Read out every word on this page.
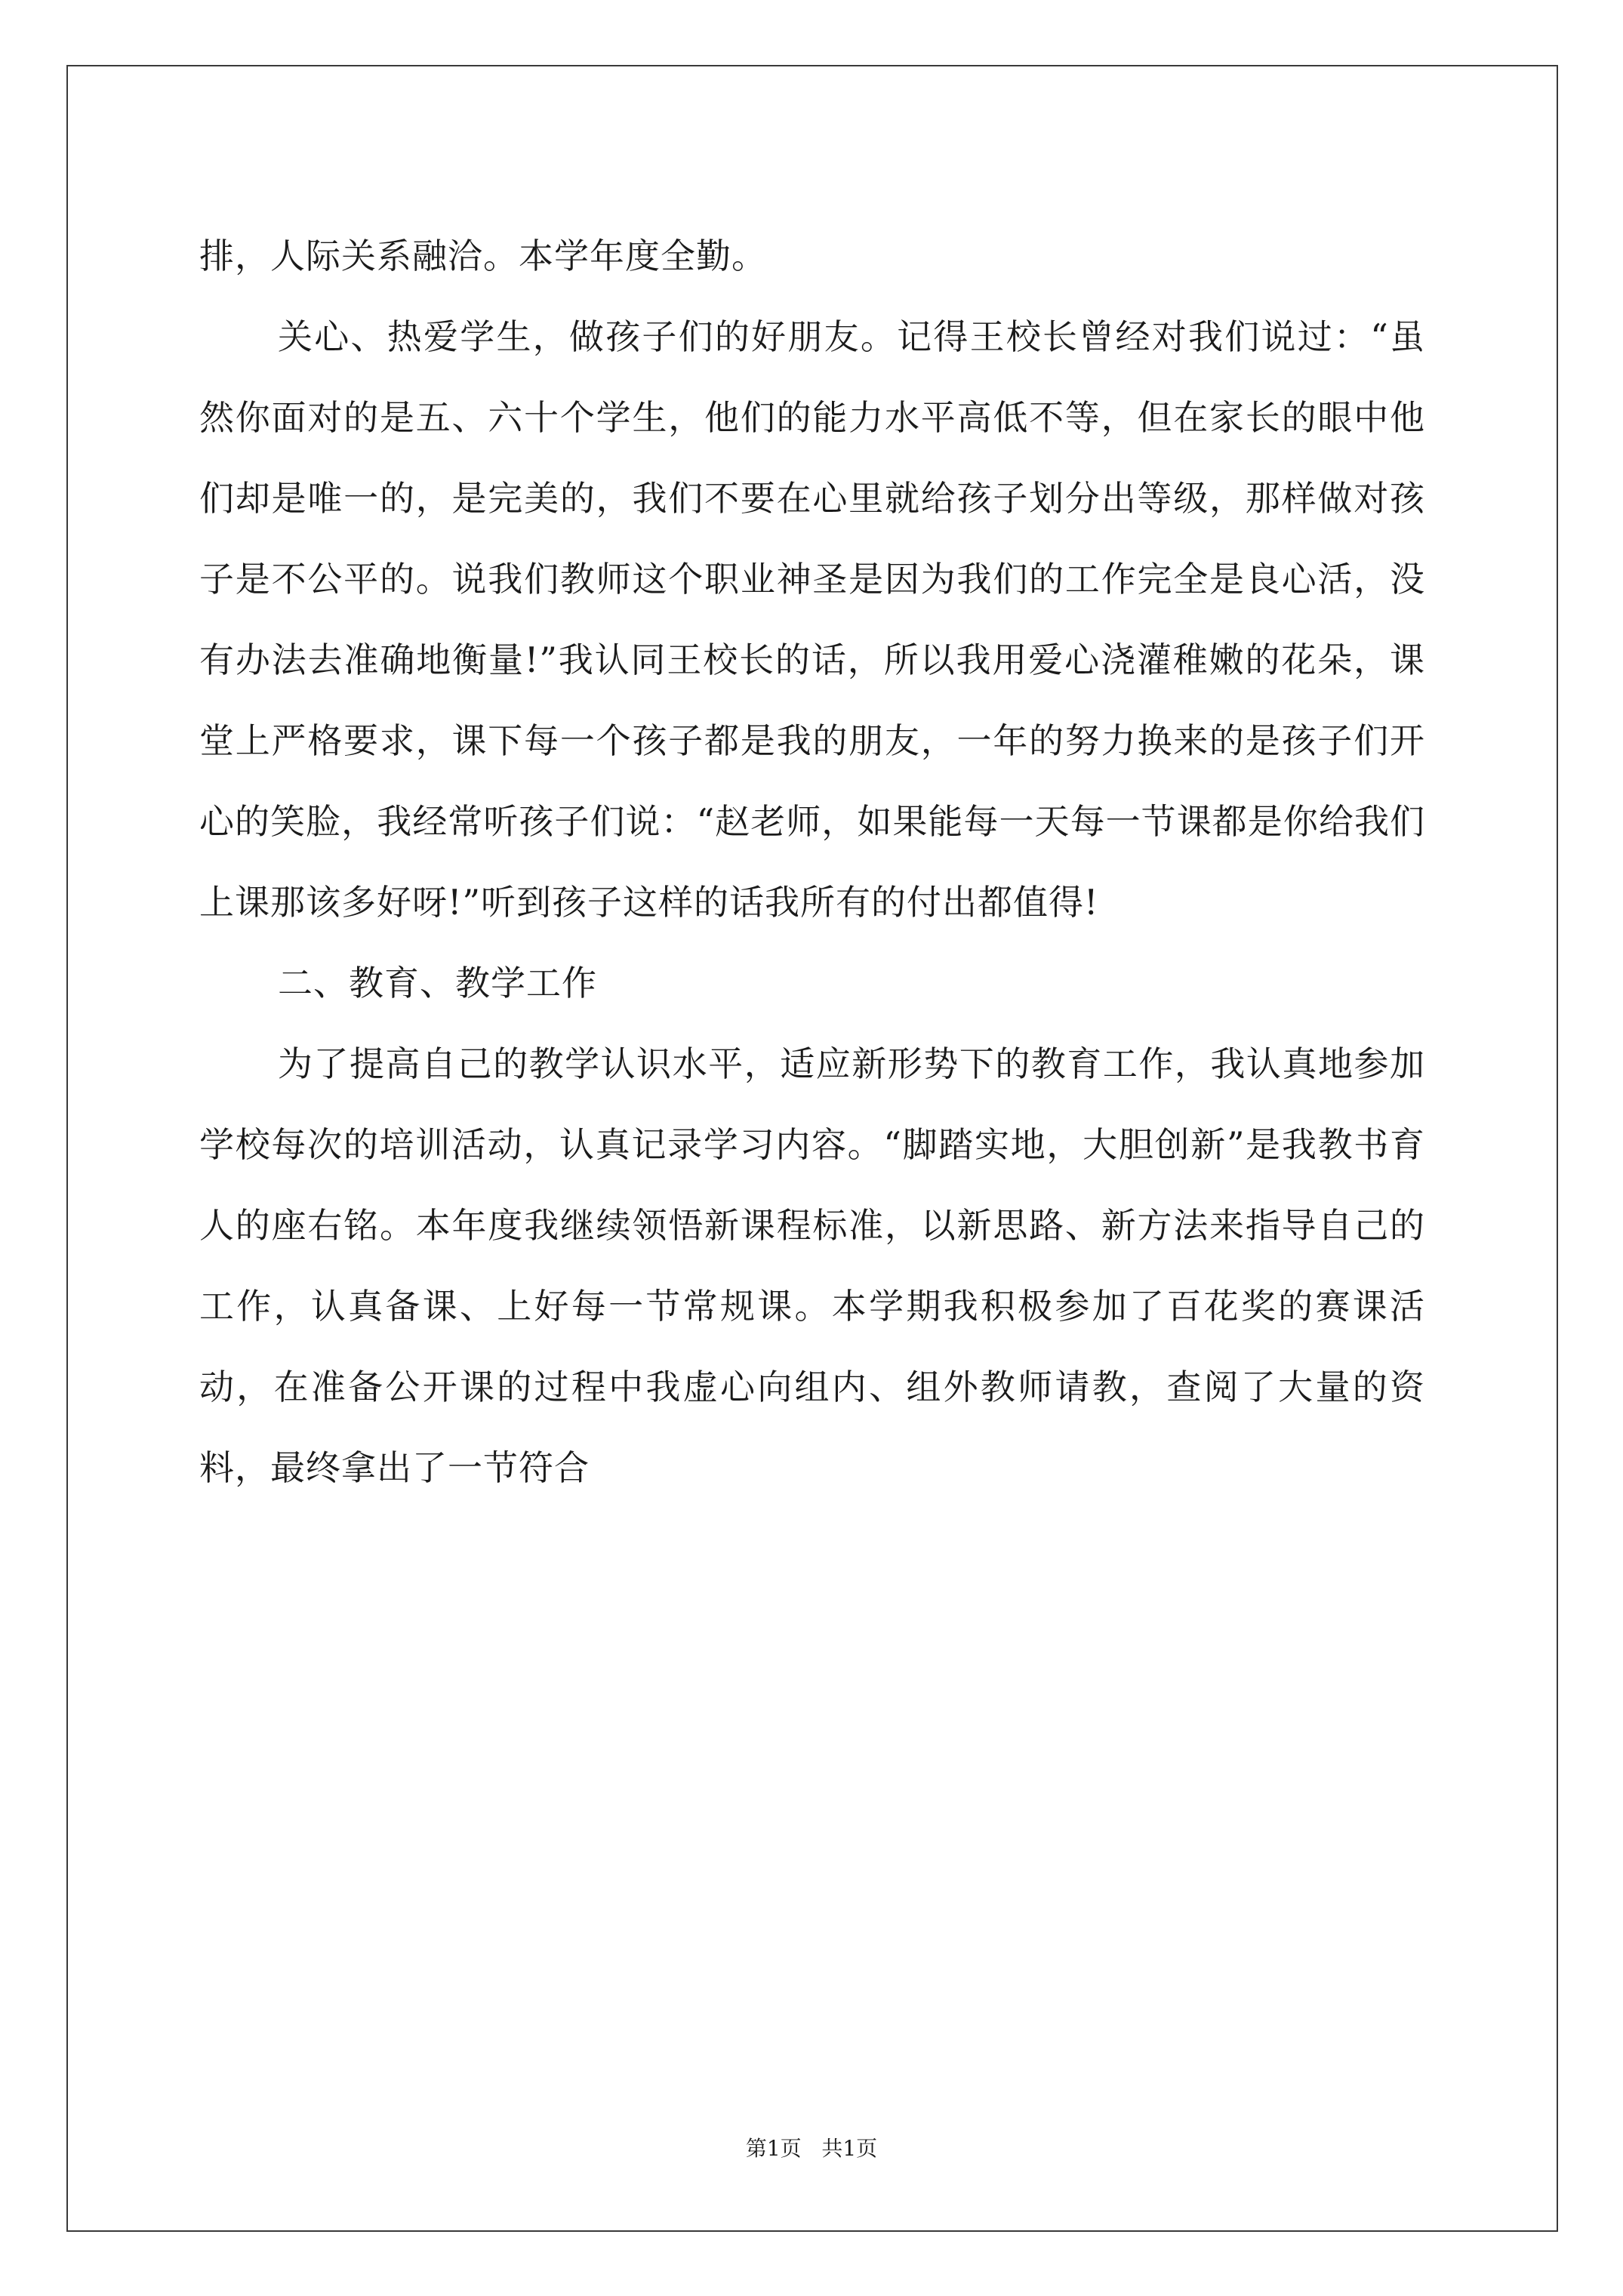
排，人际关系融洽。本学年度全勤。

关心、热爱学生，做孩子们的好朋友。记得王校长曾经对我们说过：“虽然你面对的是五、六十个学生，他们的能力水平高低不等，但在家长的眼中他们却是唯一的，是完美的，我们不要在心里就给孩子划分出等级，那样做对孩子是不公平的。说我们教师这个职业神圣是因为我们的工作完全是良心活，没有办法去准确地衡量!”我认同王校长的话，所以我用爱心浇灌稚嫩的花朵，课堂上严格要求，课下每一个孩子都是我的朋友，一年的努力换来的是孩子们开心的笑脸，我经常听孩子们说：“赵老师，如果能每一天每一节课都是你给我们上课那该多好呀!”听到孩子这样的话我所有的付出都值得!

二、教育、教学工作

为了提高自己的教学认识水平，适应新形势下的教育工作，我认真地参加学校每次的培训活动，认真记录学习内容。“脚踏实地，大胆创新”是我教书育人的座右铭。本年度我继续领悟新课程标准，以新思路、新方法来指导自己的工作，认真备课、上好每一节常规课。本学期我积极参加了百花奖的赛课活动，在准备公开课的过程中我虚心向组内、组外教师请教，查阅了大量的资料，最终拿出了一节符合

第1页   共1页
